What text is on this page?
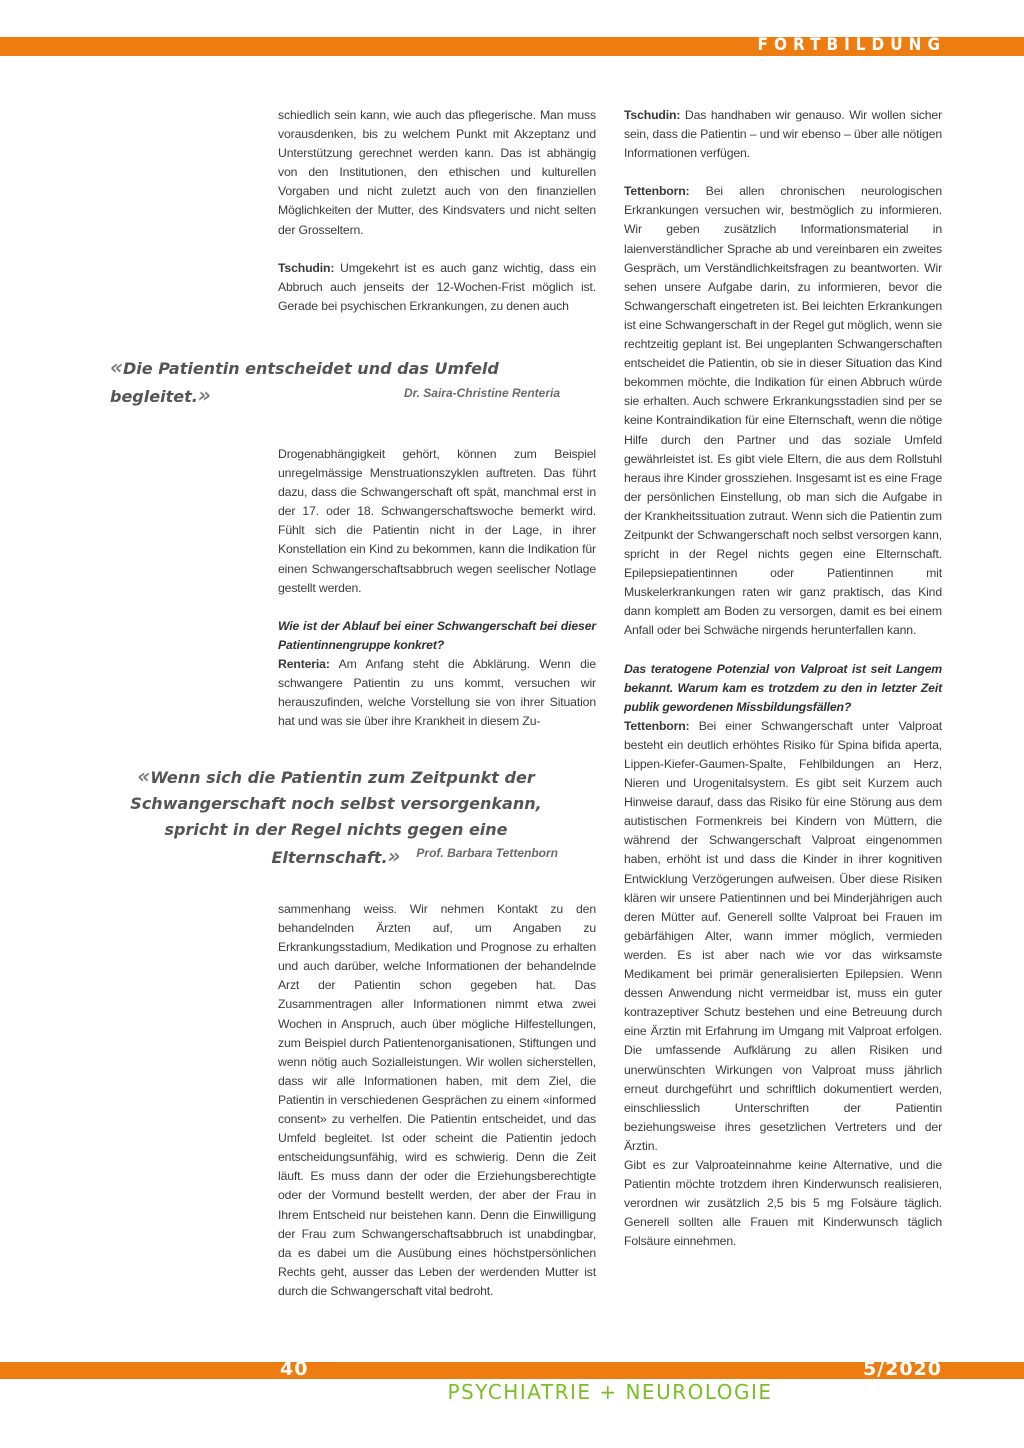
FORTBILDUNG

schiedlich sein kann, wie auch das pflegerische. Man muss vorausdenken, bis zu welchem Punkt mit Akzeptanz und Unterstützung gerechnet werden kann. Das ist abhängig von den Institutionen, den ethischen und kulturellen Vorgaben und nicht zuletzt auch von den finanziellen Möglichkeiten der Mutter, des Kindsvaters und nicht selten der Grosseltern.

Tschudin: Umgekehrt ist es auch ganz wichtig, dass ein Abbruch auch jenseits der 12-Wochen-Frist möglich ist. Gerade bei psychischen Erkrankungen, zu denen auch

«Die Patientin entscheidet und das Umfeld begleitet.»	Dr. Saira-Christine Renteria

Drogenabhängigkeit gehört, können zum Beispiel unregelmässige Menstruationszyklen auftreten. Das führt dazu, dass die Schwangerschaft oft spät, manchmal erst in der 17. oder 18. Schwangerschaftswoche bemerkt wird. Fühlt sich die Patientin nicht in der Lage, in ihrer Konstellation ein Kind zu bekommen, kann die Indikation für einen Schwangerschaftsabbruch wegen seelischer Notlage gestellt werden.

Wie ist der Ablauf bei einer Schwangerschaft bei dieser Patientinnengruppe konkret?

Renteria: Am Anfang steht die Abklärung. Wenn die schwangere Patientin zu uns kommt, versuchen wir herauszufinden, welche Vorstellung sie von ihrer Situation hat und was sie über ihre Krankheit in diesem Zu-

«Wenn sich die Patientin zum Zeitpunkt der Schwangerschaft noch selbst versorgenkann, spricht in der Regel nichts gegen eine Elternschaft.»	Prof. Barbara Tettenborn

sammenhang weiss. Wir nehmen Kontakt zu den behandelnden Ärzten auf, um Angaben zu Erkrankungsstadium, Medikation und Prognose zu erhalten und auch darüber, welche Informationen der behandelnde Arzt der Patientin schon gegeben hat. Das Zusammentragen aller Informationen nimmt etwa zwei Wochen in Anspruch, auch über mögliche Hilfestellungen, zum Beispiel durch Patientenorganisationen, Stiftungen und wenn nötig auch Sozialleistungen. Wir wollen sicherstellen, dass wir alle Informationen haben, mit dem Ziel, die Patientin in verschiedenen Gesprächen zu einem «informed consent» zu verhelfen. Die Patientin entscheidet, und das Umfeld begleitet. Ist oder scheint die Patientin jedoch entscheidungsunfähig, wird es schwierig. Denn die Zeit läuft. Es muss dann der oder die Erziehungsberechtigte oder der Vormund bestellt werden, der aber der Frau in Ihrem Entscheid nur beistehen kann. Denn die Einwilligung der Frau zum Schwangerschaftsabbruch ist unabdingbar, da es dabei um die Ausübung eines höchstpersönlichen Rechts geht, ausser das Leben der werdenden Mutter ist durch die Schwangerschaft vital bedroht.

Tschudin: Das handhaben wir genauso. Wir wollen sicher sein, dass die Patientin – und wir ebenso – über alle nötigen Informationen verfügen.

Tettenborn: Bei allen chronischen neurologischen Erkrankungen versuchen wir, bestmöglich zu informieren. Wir geben zusätzlich Informationsmaterial in laienverständlicher Sprache ab und vereinbaren ein zweites Gespräch, um Verständlichkeitsfragen zu beantworten. Wir sehen unsere Aufgabe darin, zu informieren, bevor die Schwangerschaft eingetreten ist. Bei leichten Erkrankungen ist eine Schwangerschaft in der Regel gut möglich, wenn sie rechtzeitig geplant ist. Bei ungeplanten Schwangerschaften entscheidet die Patientin, ob sie in dieser Situation das Kind bekommen möchte, die Indikation für einen Abbruch würde sie erhalten. Auch schwere Erkrankungsstadien sind per se keine Kontraindikation für eine Elternschaft, wenn die nötige Hilfe durch den Partner und das soziale Umfeld gewährleistet ist. Es gibt viele Eltern, die aus dem Rollstuhl heraus ihre Kinder grossziehen. Insgesamt ist es eine Frage der persönlichen Einstellung, ob man sich die Aufgabe in der Krankheitssituation zutraut. Wenn sich die Patientin zum Zeitpunkt der Schwangerschaft noch selbst versorgen kann, spricht in der Regel nichts gegen eine Elternschaft. Epilepsiepatientinnen oder Patientinnen mit Muskelerkrankungen raten wir ganz praktisch, das Kind dann komplett am Boden zu versorgen, damit es bei einem Anfall oder bei Schwäche nirgends herunterfallen kann.

Das teratogene Potenzial von Valproat ist seit Langem bekannt. Warum kam es trotzdem zu den in letzter Zeit publik gewordenen Missbildungsfällen?

Tettenborn: Bei einer Schwangerschaft unter Valproat besteht ein deutlich erhöhtes Risiko für Spina bifida aperta, Lippen-Kiefer-Gaumen-Spalte, Fehlbildungen an Herz, Nieren und Urogenitalsystem. Es gibt seit Kurzem auch Hinweise darauf, dass das Risiko für eine Störung aus dem autistischen Formenkreis bei Kindern von Müttern, die während der Schwangerschaft Valproat eingenommen haben, erhöht ist und dass die Kinder in ihrer kognitiven Entwicklung Verzögerungen aufweisen. Über diese Risiken klären wir unsere Patientinnen und bei Minderjährigen auch deren Mütter auf. Generell sollte Valproat bei Frauen im gebärfähigen Alter, wann immer möglich, vermieden werden. Es ist aber nach wie vor das wirksamste Medikament bei primär generalisierten Epilepsien. Wenn dessen Anwendung nicht vermeidbar ist, muss ein guter kontrazeptiver Schutz bestehen und eine Betreuung durch eine Ärztin mit Erfahrung im Umgang mit Valproat erfolgen. Die umfassende Aufklärung zu allen Risiken und unerwünschten Wirkungen von Valproat muss jährlich erneut durchgeführt und schriftlich dokumentiert werden, einschliesslich Unterschriften der Patientin beziehungsweise ihres gesetzlichen Vertreters und der Ärztin.

Gibt es zur Valproateinnahme keine Alternative, und die Patientin möchte trotzdem ihren Kinderwunsch realisieren, verordnen wir zusätzlich 2,5 bis 5 mg Folsäure täglich. Generell sollten alle Frauen mit Kinderwunsch täglich Folsäure einnehmen.

40	5/2020
PSYCHIATRIE + NEUROLOGIE
